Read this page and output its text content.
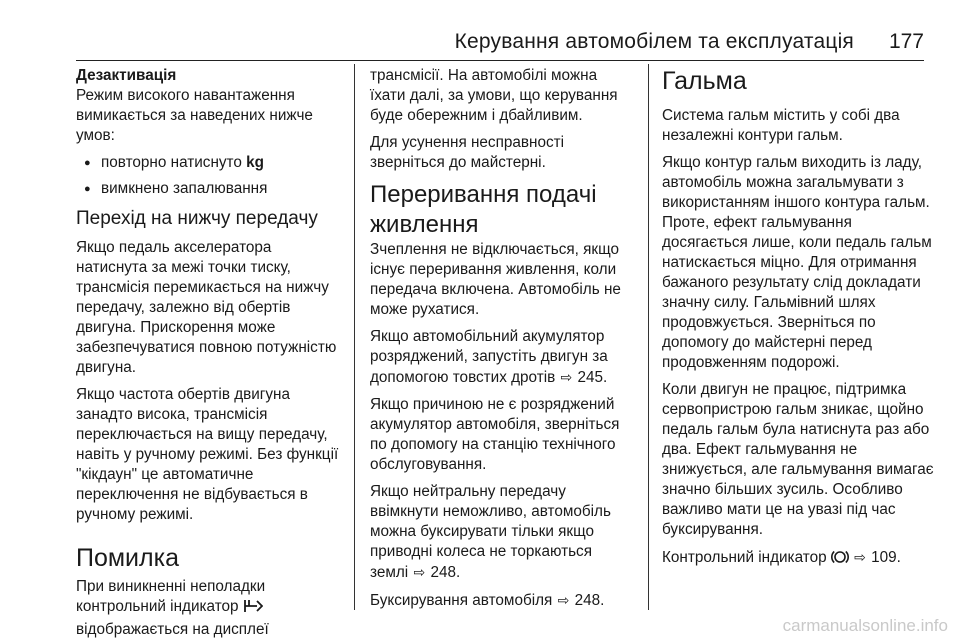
Керування автомобілем та експлуатація 177

Дезактивація

Режим високого навантаження вимикається за наведених нижче умов:

● повторно натиснуто kg
● вимкнено запалювання

Перехід на нижчу передачу

Якщо педаль акселератора натиснута за межі точки тиску, трансмісія перемикається на нижчу передачу, залежно від обертів двигуна. Прискорення може забезпечуватися повною потужністю двигуна.

Якщо частота обертів двигуна занадто висока, трансмісія переключається на вищу передачу, навіть у ручному режимі. Без функції "кікдаун" це автоматичне переключення не відбувається в ручному режимі.

Помилка

При виникненні неполадки контрольний індикатор
відображається на дисплеї

трансмісії. На автомобілі можна їхати далі, за умови, що керування буде обережним і дбайливим.

Для усунення несправності зверніться до майстерні.

Переривання подачі
живлення

Зчеплення не відключається, якщо існує переривання живлення, коли передача включена. Автомобіль не може рухатися.

Якщо автомобільний акумулятор розряджений, запустіть двигун за допомогою товстих дротів ⇨ 245.

Якщо причиною не є розряджений акумулятор автомобіля, зверніться по допомогу на станцію технічного обслуговування.

Якщо нейтральну передачу ввімкнути неможливо, автомобіль можна буксирувати тільки якщо приводні колеса не торкаються землі ⇨ 248.

Буксирування автомобіля ⇨ 248.

Гальма

Система гальм містить у собі два незалежні контури гальм.

Якщо контур гальм виходить із ладу, автомобіль можна загальмувати з використанням іншого контура гальм. Проте, ефект гальмування досягається лише, коли педаль гальм натискається міцно. Для отримання бажаного результату слід докладати значну силу. Гальмівний шлях продовжується. Зверніться по допомогу до майстерні перед продовженням подорожі.

Коли двигун не працює, підтримка сервопристрою гальм зникає, щойно педаль гальм була натиснута раз або два. Ефект гальмування не знижується, але гальмування вимагає значно більших зусиль. Особливо важливо мати це на увазі під час буксирування.

Контрольний індикатор ⇨ 109.

carmanualsonline.info
